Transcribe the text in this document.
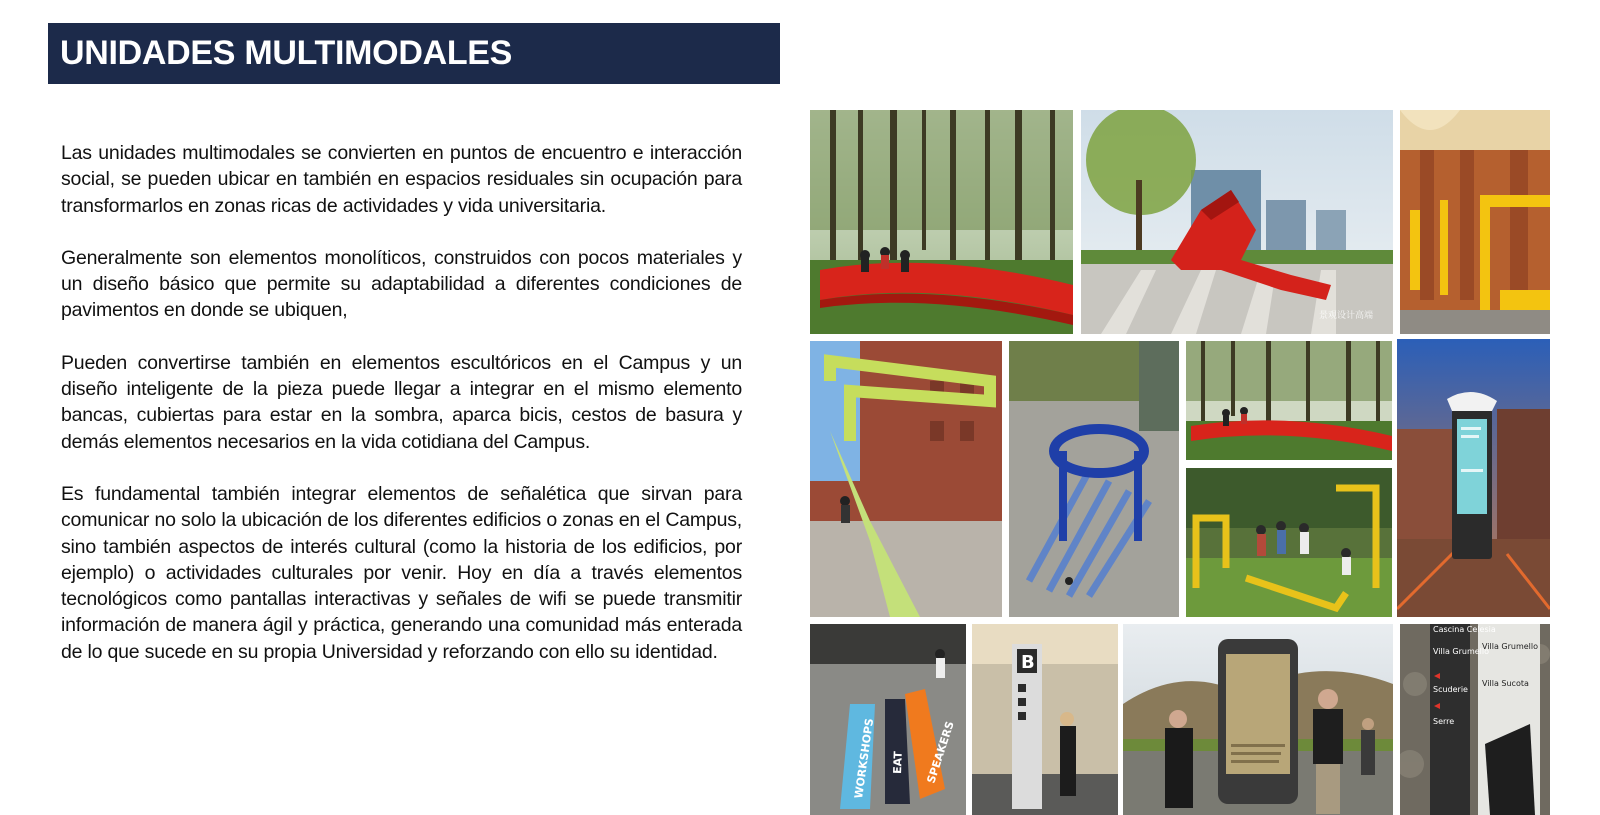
UNIDADES MULTIMODALES

Las unidades multimodales se convierten en puntos de encuentro e interacción social, se pueden ubicar en también en espacios residuales sin ocupación para transformarlos en zonas ricas de actividades y vida universitaria.

Generalmente son elementos monolíticos, construidos con pocos materiales y un diseño básico que permite su adaptabilidad a diferentes condiciones de pavimentos en donde se ubiquen,

Pueden convertirse también en elementos escultóricos en el Campus y un diseño inteligente de la pieza puede llegar a integrar en el mismo elemento bancas, cubiertas para estar en la sombra, aparca bicis, cestos de basura y demás elementos necesarios en la vida cotidiana del Campus.

Es fundamental también integrar elementos de señalética que sirvan para comunicar no solo la ubicación de los diferentes edificios o zonas en el Campus, sino también aspectos de interés cultural (como la historia de los edificios, por ejemplo) o actividades culturales por venir. Hoy en día a través elementos tecnológicos como pantallas interactivas y señales de wifi se puede transmitir información de manera ágil y práctica, generando una comunidad más enterada de lo que sucede en su propia Universidad y reforzando con ello su identidad.

景观设计高端
WORKSHOPS EAT SPEAKERS
B
Cascina Celesia
Villa Grumello
Scuderie
Serre
Villa Grumello
Villa Sucota
